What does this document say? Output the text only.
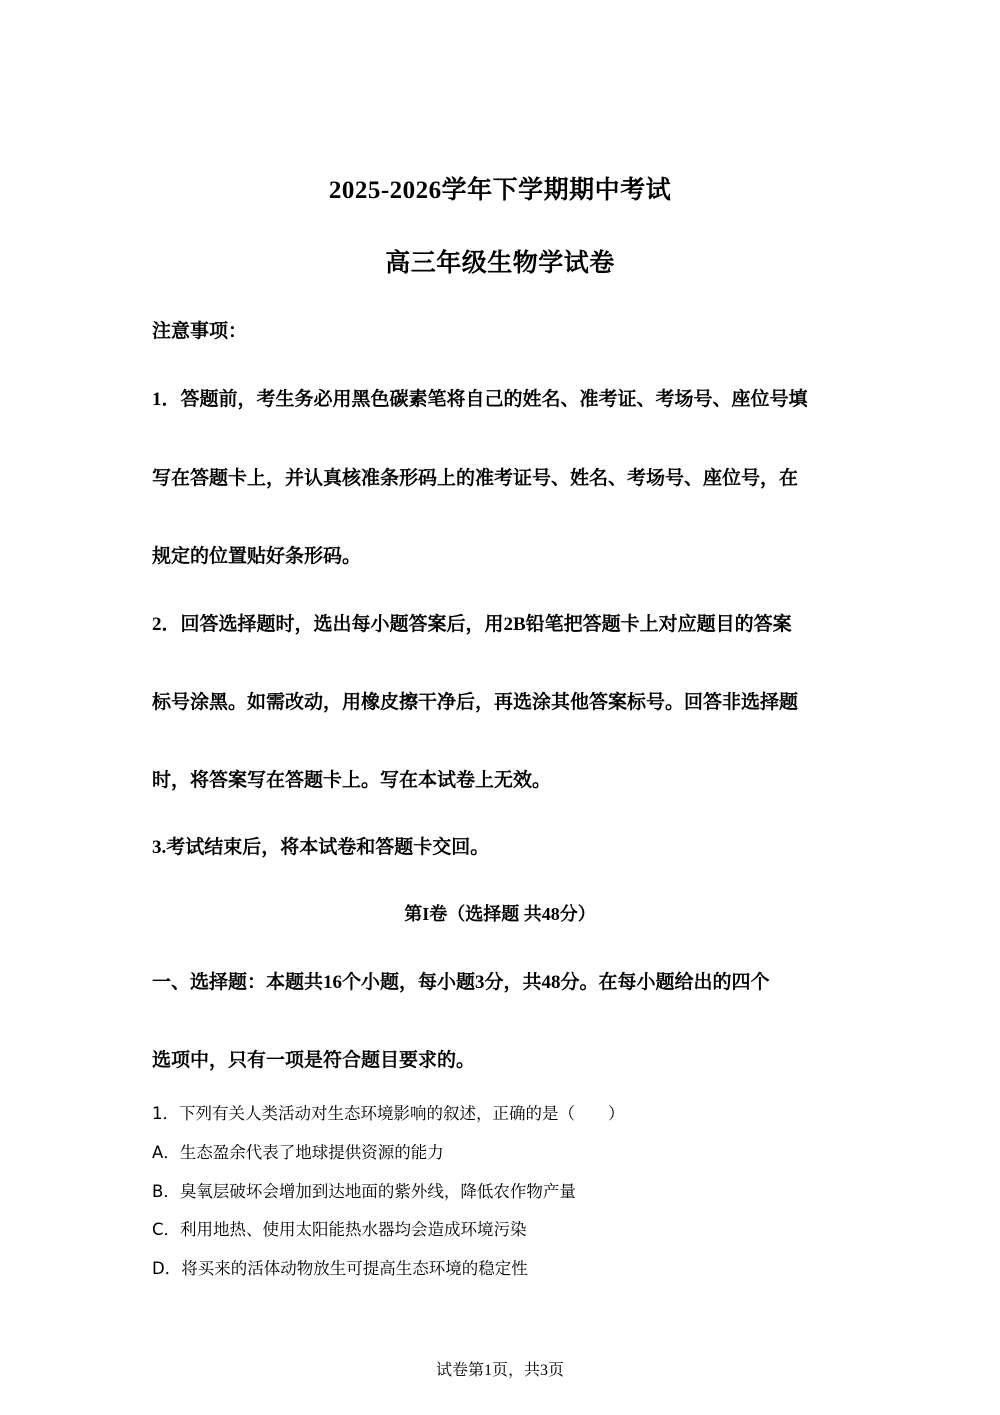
2025-2026学年下学期期中考试
高三年级生物学试卷
注意事项：
1．答题前，考生务必用黑色碳素笔将自己的姓名、准考证、考场号、座位号填
写在答题卡上，并认真核准条形码上的准考证号、姓名、考场号、座位号，在
规定的位置贴好条形码。
2．回答选择题时，选出每小题答案后，用2B铅笔把答题卡上对应题目的答案
标号涂黑。如需改动，用橡皮擦干净后，再选涂其他答案标号。回答非选择题
时，将答案写在答题卡上。写在本试卷上无效。
3.考试结束后，将本试卷和答题卡交回。
第I卷（选择题 共48分）
一、选择题：本题共16个小题，每小题3分，共48分。在每小题给出的四个
选项中，只有一项是符合题目要求的。
1．下列有关人类活动对生态环境影响的叙述，正确的是（　　）
A．生态盈余代表了地球提供资源的能力
B．臭氧层破坏会增加到达地面的紫外线，降低农作物产量
C．利用地热、使用太阳能热水器均会造成环境污染
D．将买来的活体动物放生可提高生态环境的稳定性
试卷第1页，共3页
